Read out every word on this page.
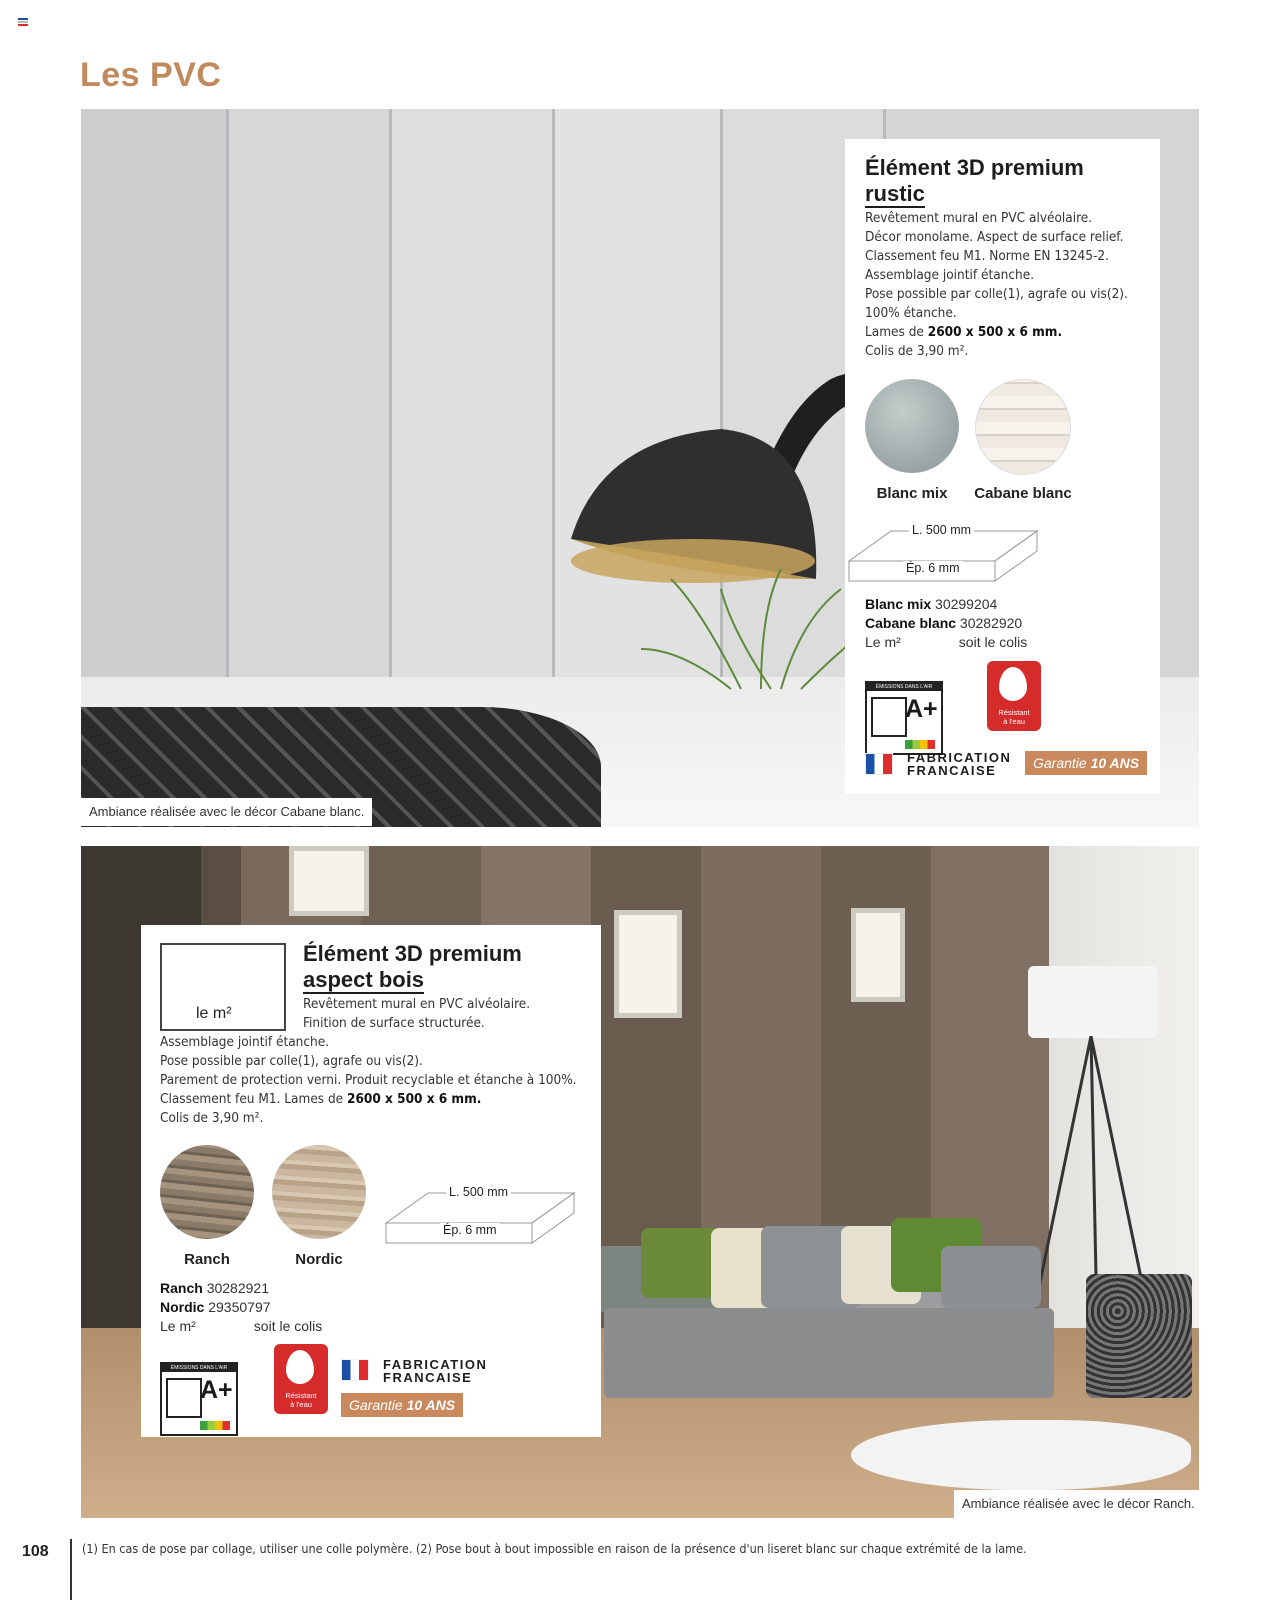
Les PVC
Ambiance réalisée avec le décor Cabane blanc.
Élément 3D premium
rustic
Revêtement mural en PVC alvéolaire.
Décor monolame. Aspect de surface relief.
Classement feu M1. Norme EN 13245-2.
Assemblage jointif étanche.
Pose possible par colle(1), agrafe ou vis(2).
100% étanche.
Lames de 2600 x 500 x 6 mm.
Colis de 3,90 m².
Blanc mix	Cabane blanc
L. 500 mm
Ép. 6 mm
Blanc mix 30299204
Cabane blanc 30282920
Le m²	soit le colis
ÉMISSIONS DANS L'AIR INTÉRIEUR
A+	Résistant
à l'eau
FABRICATION
FRANCAISE	Garantie 10 ANS
Ambiance réalisée avec le décor Ranch.
le m²
Élément 3D premium
aspect bois
Revêtement mural en PVC alvéolaire.
Finition de surface structurée.
Assemblage jointif étanche.
Pose possible par colle(1), agrafe ou vis(2).
Parement de protection verni. Produit recyclable et étanche à 100%.
Classement feu M1. Lames de 2600 x 500 x 6 mm.
Colis de 3,90 m².
Ranch	Nordic
L. 500 mm
Ép. 6 mm
Ranch 30282921
Nordic 29350797
Le m²	soit le colis
ÉMISSIONS DANS L'AIR INTÉRIEUR
A+	Résistant
à l'eau
FABRICATION
FRANCAISE
Garantie 10 ANS
108	(1) En cas de pose par collage, utiliser une colle polymère. (2) Pose bout à bout impossible en raison de la présence d'un liseret blanc sur chaque extrémité de la lame.
